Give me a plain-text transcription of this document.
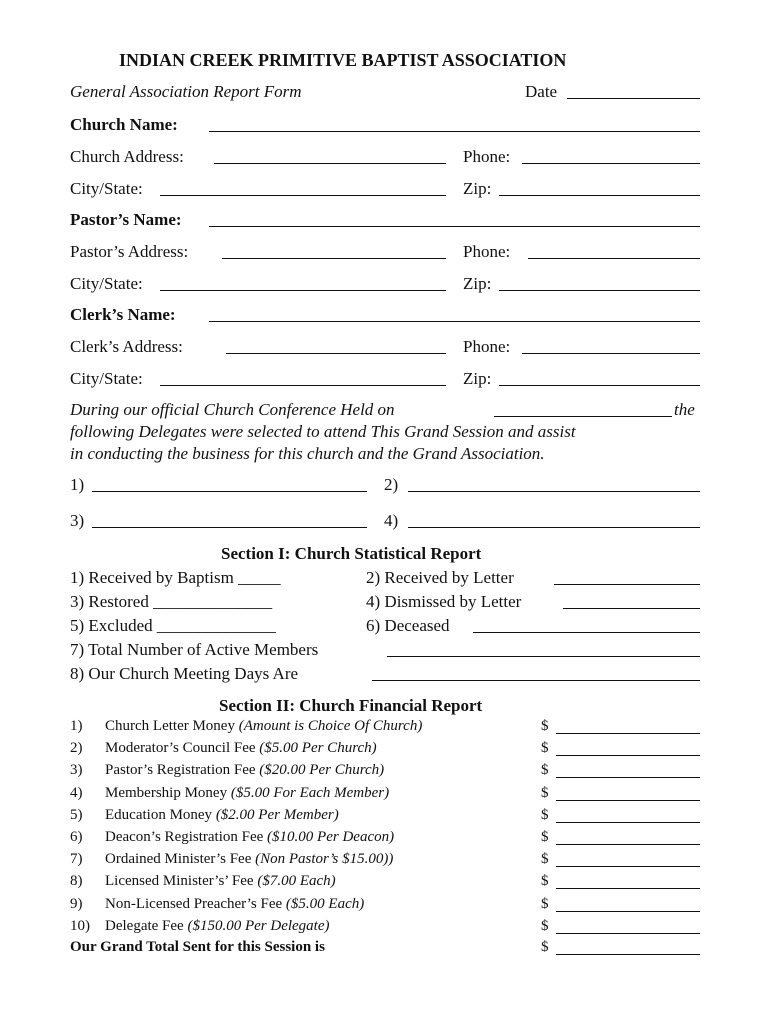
INDIAN CREEK PRIMITIVE BAPTIST ASSOCIATION
General Association Report Form	Date
Church Name:
Church Address:	Phone:
City/State:	Zip:
Pastor’s Name:
Pastor’s Address:	Phone:
City/State:	Zip:
Clerk’s Name:
Clerk’s Address:	Phone:
City/State:	Zip:
During our official Church Conference Held on	the
following Delegates were selected to attend This Grand Session and assist
in conducting the business for this church and the Grand Association.
1)	2)
3)	4)
Section I: Church Statistical Report
1) Received by Baptism _____	2) Received by Letter
3) Restored ______________	4) Dismissed by Letter
5) Excluded ______________	6) Deceased
7) Total Number of Active Members
8) Our Church Meeting Days Are
Section II: Church Financial Report
1) Church Letter Money (Amount is Choice Of Church)	$
2) Moderator’s Council Fee ($5.00 Per Church)	$
3) Pastor’s Registration Fee ($20.00 Per Church)	$
4) Membership Money ($5.00 For Each Member)	$
5) Education Money ($2.00 Per Member)	$
6) Deacon’s Registration Fee ($10.00 Per Deacon)	$
7) Ordained Minister’s Fee (Non Pastor’s $15.00))	$
8) Licensed Minister’s’ Fee ($7.00 Each)	$
9) Non-Licensed Preacher’s Fee ($5.00 Each)	$
10) Delegate Fee ($150.00 Per Delegate)	$
Our Grand Total Sent for this Session is	$
